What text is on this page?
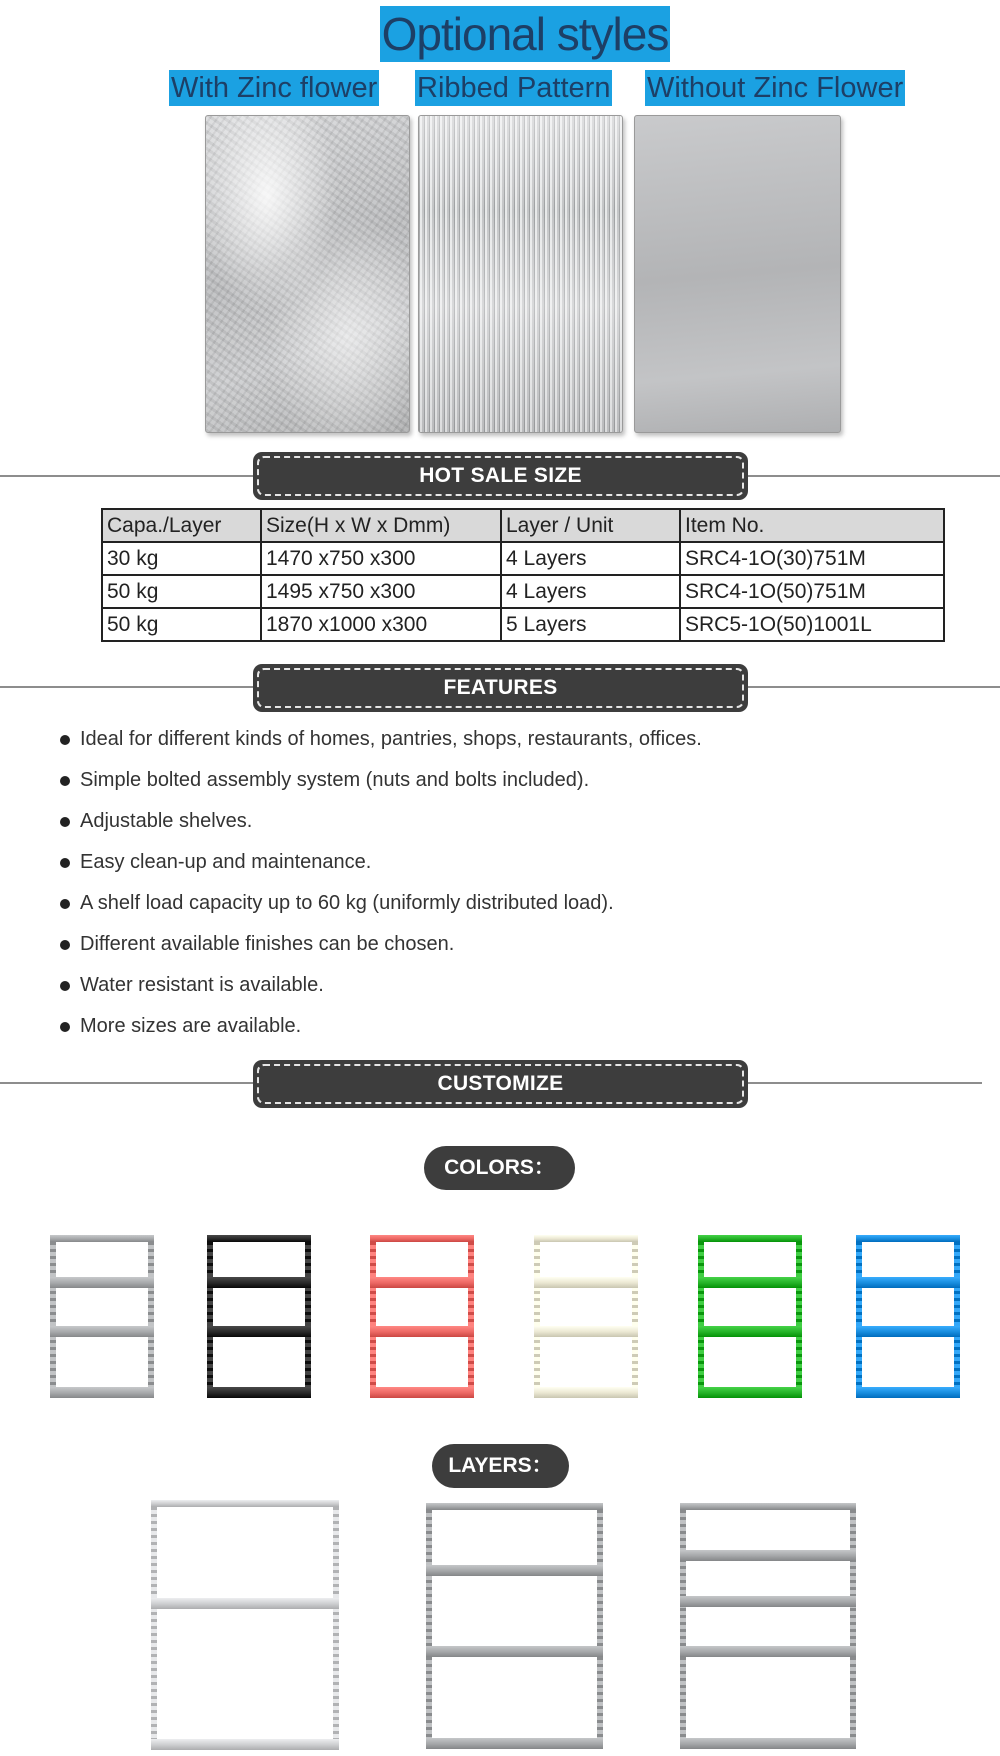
Optional styles
With Zinc flower Ribbed Pattern Without Zinc Flower
HOT SALE SIZE
Capa./Layer	Size(H x W x Dmm)	Layer / Unit	Item No.
30 kg	1470 x750 x300	4 Layers	SRC4-1O(30)751M
50 kg	1495 x750 x300	4 Layers	SRC4-1O(50)751M
50 kg	1870 x1000 x300	5 Layers	SRC5-1O(50)1001L
FEATURES
Ideal for different kinds of homes, pantries, shops, restaurants, offices.
Simple bolted assembly system (nuts and bolts included).
Adjustable shelves.
Easy clean-up and maintenance.
A shelf load capacity up to 60 kg (uniformly distributed load).
Different available finishes can be chosen.
Water resistant is available.
More sizes are available.
CUSTOMIZE
COLORS：
LAYERS：
